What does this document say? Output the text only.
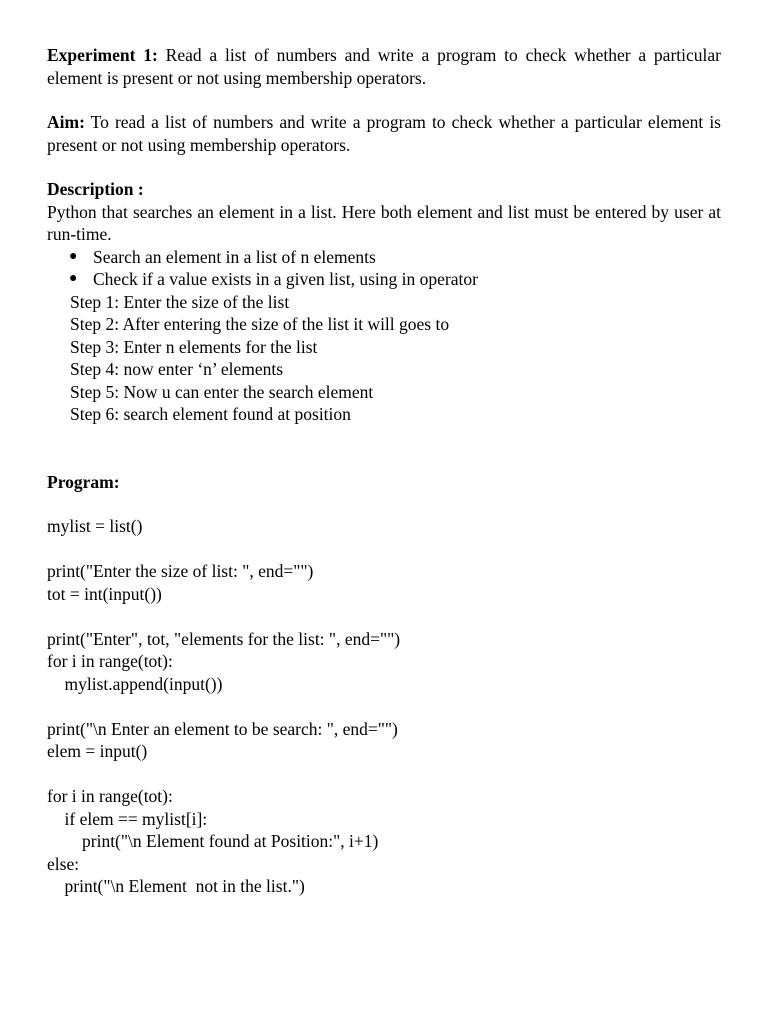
Experiment 1: Read a list of numbers and write a program to check whether a particular element is present or not using membership operators.

Aim: To read a list of numbers and write a program to check whether a particular element is present or not using membership operators.

Description :

Python that searches an element in a list. Here both element and list must be entered by user at run-time.

● Search an element in a list of n elements
● Check if a value exists in a given list, using in operator
Step 1: Enter the size of the list
Step 2: After entering the size of the list it will goes to
Step 3: Enter n elements for the list
Step 4: now enter ‘n’ elements
Step 5: Now u can enter the search element
Step 6: search element found at position
Program:
mylist = list()
print("Enter the size of list: ", end="")
tot = int(input())
print("Enter", tot, "elements for the list: ", end="")
for i in range(tot):
mylist.append(input())
print("\n Enter an element to be search: ", end="")
elem = input()
for i in range(tot):
if elem == mylist[i]:
print("\n Element found at Position:", i+1)
else:
print("\n Element  not in the list.")
